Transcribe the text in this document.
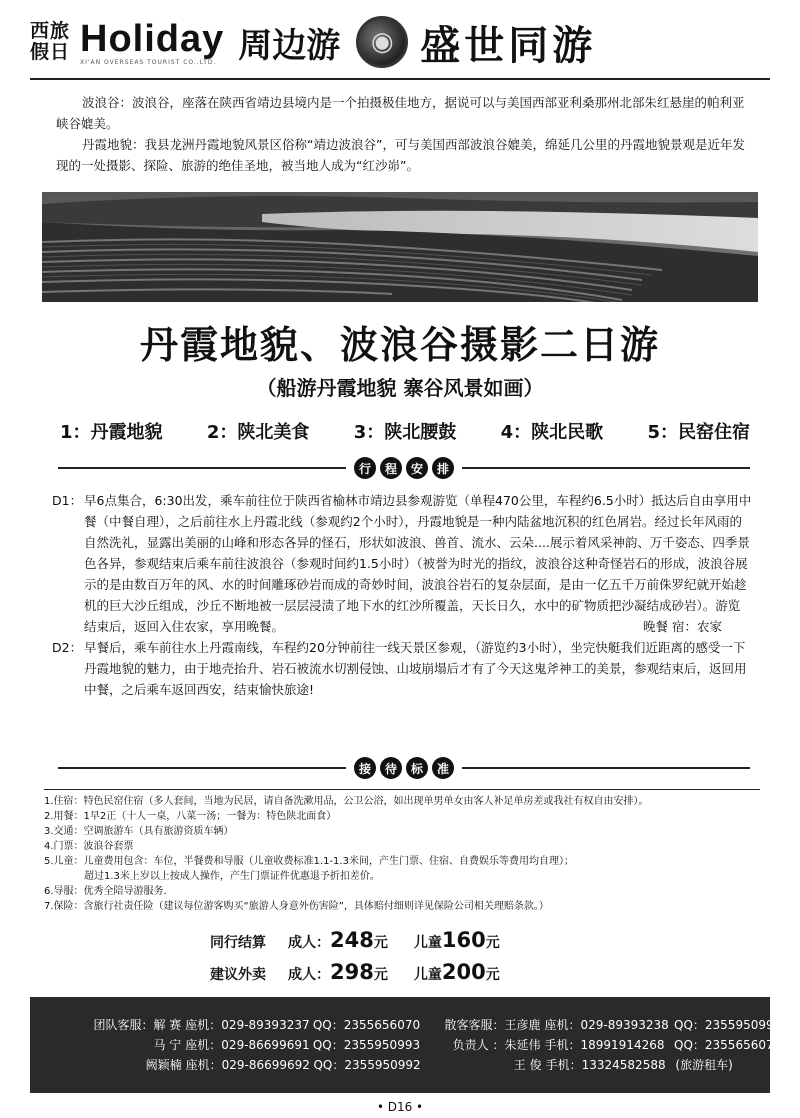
西旅
假日 Holiday
XI'AN OVERSEAS TOURIST CO.,LTD. 周边游	◉ 盛世同游

波浪谷：波浪谷，座落在陕西省靖边县境内是一个拍摄极佳地方，据说可以与美国西部亚利桑那州北部朱红悬崖的帕利亚峡谷媲美。

丹霞地貌：我县龙洲丹霞地貌风景区俗称“靖边波浪谷”，可与美国西部波浪谷媲美，绵延几公里的丹霞地貌景观是近年发现的一处摄影、探险、旅游的绝佳圣地，被当地人成为“红沙峁”。

丹霞地貌、波浪谷摄影二日游
（船游丹霞地貌 寨谷风景如画）
1：丹霞地貌 2：陕北美食 3：陕北腰鼓 4：陕北民歌 5：民窑住宿
行	程	安	排
D1： 早6点集合，6:30出发，乘车前往位于陕西省榆林市靖边县参观游览（单程470公里，车程约6.5小时）抵达后自由享用中餐（中餐自理），之后前往水上丹霞北线（参观约2个小时），丹霞地貌是一种内陆盆地沉积的红色屑岩。经过长年风雨的自然洗礼，显露出美丽的山峰和形态各异的怪石，形状如波浪、兽首、流水、云朵....展示着风采神韵、万千姿态、四季景色各异，参观结束后乘车前往波浪谷（参观时间约1.5小时）（被誉为时光的指纹，波浪谷这种奇怪岩石的形成，波浪谷展示的是由数百万年的风、水的时间雕琢砂岩而成的奇妙时间，波浪谷岩石的复杂层面，是由一亿五千万前侏罗纪就开始趁机的巨大沙丘组成，沙丘不断地被一层层浸渍了地下水的红沙所覆盖，天长日久，水中的矿物质把沙凝结成砂岩）。游览结束后，返回入住农家，享用晚餐。	晚餐 宿：农家
D2： 早餐后，乘车前往水上丹霞南线，车程约20分钟前往一线天景区参观，（游览约3小时），坐完快艇我们近距离的感受一下丹霞地貌的魅力，由于地壳抬升、岩石被流水切割侵蚀、山坡崩塌后才有了今天这鬼斧神工的美景，参观结束后，返回用中餐，之后乘车返回西安，结束愉快旅途!
接	待	标	准
1.住宿：特色民窑住宿（多人套间，当地为民居，请自备洗漱用品，公卫公浴，如出现单男单女由客人补足单房差或我社有权自由安排）。
2.用餐：1早2正（十人一桌，八菜一汤；一餐为：特色陕北面食）
3.交通：空调旅游车（具有旅游资质车辆）
4.门票：波浪谷套票
5.儿童：儿童费用包含：车位，半餐费和导服（儿童收费标准1.1-1.3米间，产生门票、住宿、自费娱乐等费用均自理）；
超过1.3米上岁以上按成人操作，产生门票证件优惠退予折扣差价。
6.导服：优秀全陪导游服务.
7.保险：含旅行社责任险（建议每位游客购买“旅游人身意外伤害险”，具体赔付细则详见保险公司相关理赔条款。）
同行结算 成人： 248 元 儿童 160 元
建议外卖 成人： 298 元 儿童 200 元
团队客服：解 赛 座机：029-89393237 QQ：2355656070	散客客服：王彦鹿 座机：029-89393238 QQ：2355950999
马 宁 座机：029-86699691 QQ：2355950993	负责人 ：朱延伟 手机：18991914268 QQ：2355656075
阙颖楠 座机：029-86699692 QQ：2355950992	王 俊 手机：13324582588 (旅游租车)
• D16 •
